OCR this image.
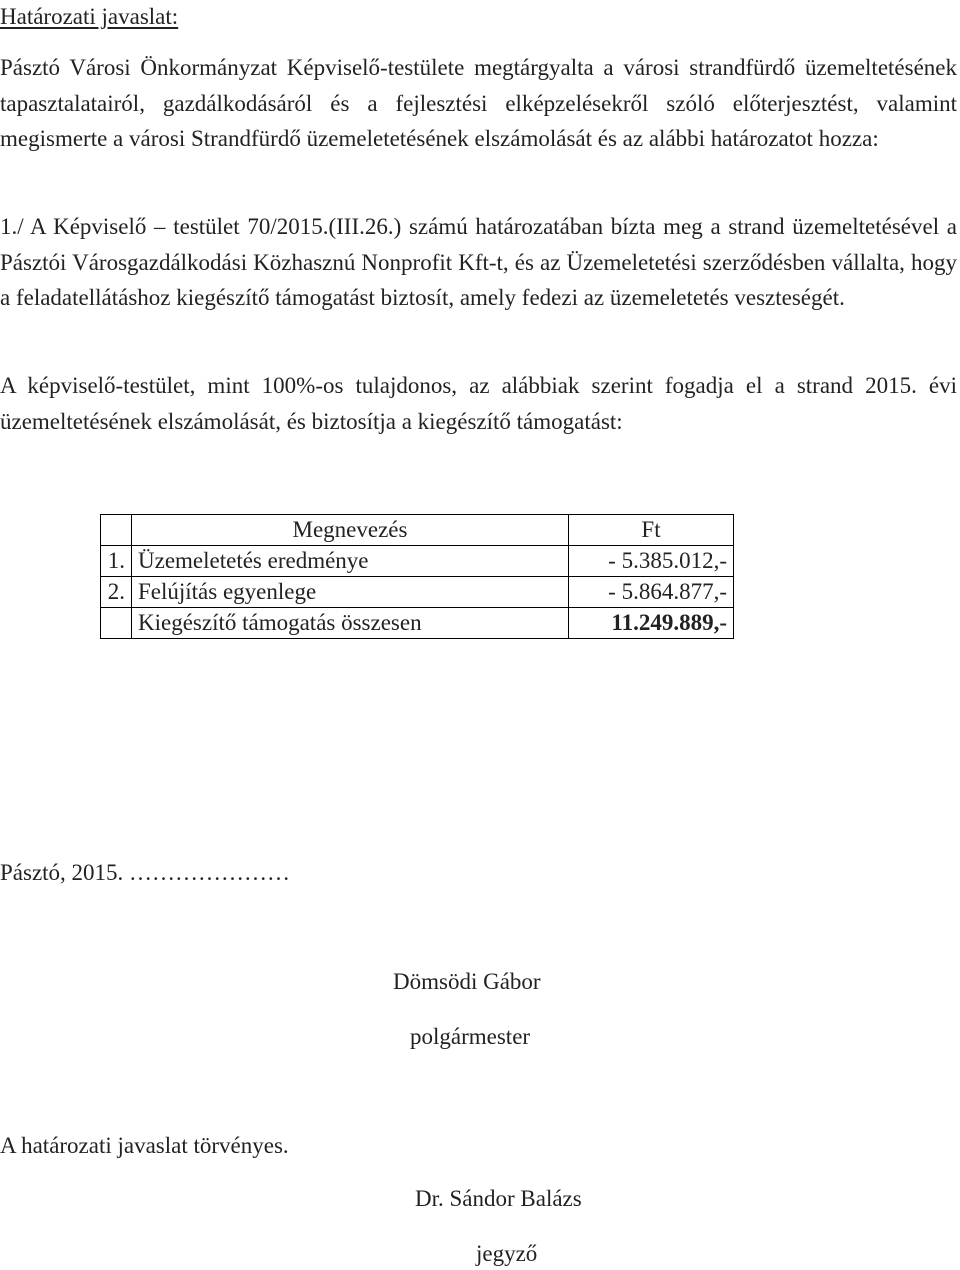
Határozati javaslat:

Pásztó Városi Önkormányzat Képviselő-testülete megtárgyalta a városi strandfürdő üzemeltetésének tapasztalatairól, gazdálkodásáról és a fejlesztési elképzelésekről szóló előterjesztést, valamint megismerte a városi Strandfürdő üzemeletetésének elszámolását és az alábbi határozatot hozza:

1./ A Képviselő – testület 70/2015.(III.26.) számú határozatában bízta meg a strand üzemeltetésével a Pásztói Városgazdálkodási Közhasznú Nonprofit Kft-t, és az Üzemeletetési szerződésben vállalta, hogy a feladatellátáshoz kiegészítő támogatást biztosít, amely fedezi az üzemeletetés veszteségét.

A képviselő-testület, mint 100%-os tulajdonos, az alábbiak szerint fogadja el a strand 2015. évi üzemeltetésének elszámolását, és biztosítja a kiegészítő támogatást:

	Megnevezés	Ft
1.	Üzemeletetés eredménye	- 5.385.012,-
2.	Felújítás egyenlege	- 5.864.877,-
	Kiegészítő támogatás összesen	11.249.889,-

Pásztó, 2015. …………………

Dömsödi Gábor

polgármester

A határozati javaslat törvényes.

Dr. Sándor Balázs

jegyző
